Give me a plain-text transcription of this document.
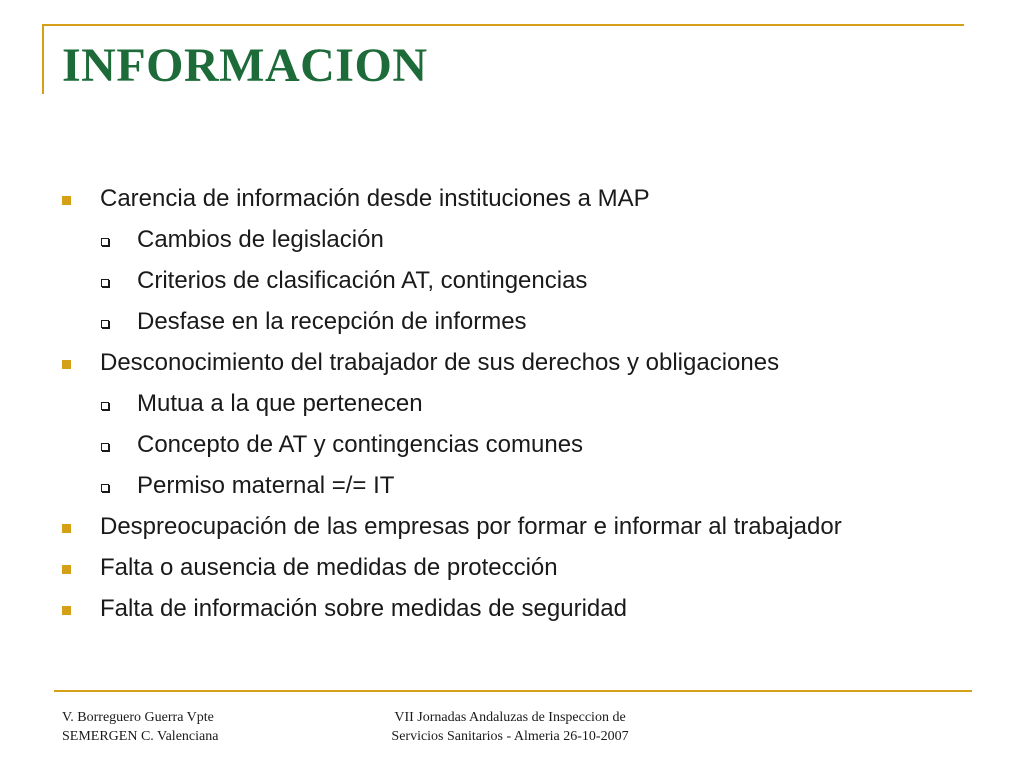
INFORMACION
Carencia de información desde instituciones a MAP
Cambios de legislación
Criterios de clasificación AT, contingencias
Desfase en la recepción de informes
Desconocimiento del trabajador de sus derechos y obligaciones
Mutua a la que pertenecen
Concepto de AT y contingencias comunes
Permiso maternal =/= IT
Despreocupación de las empresas por formar e informar al trabajador
Falta o ausencia de medidas de protección
Falta de información sobre medidas de seguridad
V. Borreguero Guerra Vpte
SEMERGEN C. Valenciana
VII Jornadas Andaluzas de Inspeccion de
Servicios Sanitarios - Almeria 26-10-2007
